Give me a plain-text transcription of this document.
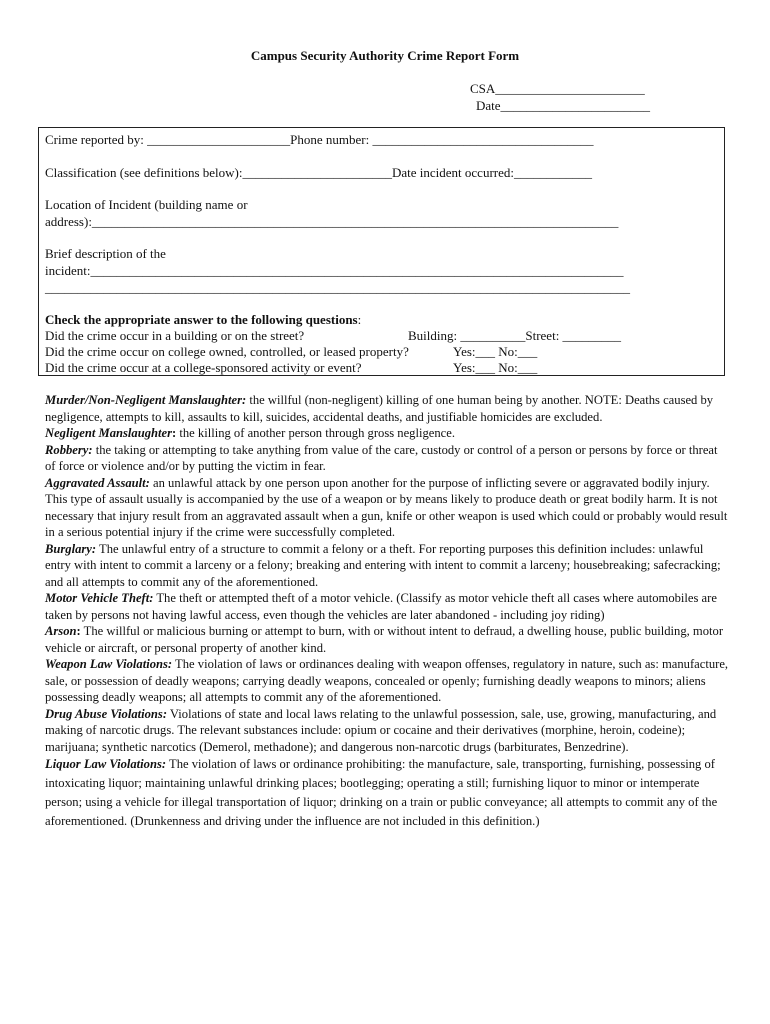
Campus Security Authority Crime Report Form
CSA_______________________
Date_______________________
Crime reported by: ______________________Phone number: __________________________________
Classification (see definitions below):_______________________Date incident occurred:____________
Location of Incident (building name or
address):_________________________________________________________________________________
Brief description of the
incident:__________________________________________________________________________________
__________________________________________________________________________________________
Check the appropriate answer to the following questions:
Did the crime occur in a building or on the street?	Building: __________Street: _________
Did the crime occur on college owned, controlled, or leased property?	Yes:___ No:___
Did the crime occur at a college-sponsored activity or event?	Yes:___ No:___

Murder/Non-Negligent Manslaughter: the willful (non-negligent) killing of one human being by another. NOTE: Deaths caused by negligence, attempts to kill, assaults to kill, suicides, accidental deaths, and justifiable homicides are excluded.

Negligent Manslaughter: the killing of another person through gross negligence.

Robbery: the taking or attempting to take anything from value of the care, custody or control of a person or persons by force or threat of force or violence and/or by putting the victim in fear.

Aggravated Assault: an unlawful attack by one person upon another for the purpose of inflicting severe or aggravated bodily injury. This type of assault usually is accompanied by the use of a weapon or by means likely to produce death or great bodily harm. It is not necessary that injury result from an aggravated assault when a gun, knife or other weapon is used which could or probably would result in a serious potential injury if the crime were successfully completed.

Burglary: The unlawful entry of a structure to commit a felony or a theft. For reporting purposes this definition includes: unlawful entry with intent to commit a larceny or a felony; breaking and entering with intent to commit a larceny; housebreaking; safecracking; and all attempts to commit any of the aforementioned.

Motor Vehicle Theft: The theft or attempted theft of a motor vehicle. (Classify as motor vehicle theft all cases where automobiles are taken by persons not having lawful access, even though the vehicles are later abandoned - including joy riding)

Arson: The willful or malicious burning or attempt to burn, with or without intent to defraud, a dwelling house, public building, motor vehicle or aircraft, or personal property of another kind.

Weapon Law Violations: The violation of laws or ordinances dealing with weapon offenses, regulatory in nature, such as: manufacture, sale, or possession of deadly weapons; carrying deadly weapons, concealed or openly; furnishing deadly weapons to minors; aliens possessing deadly weapons; all attempts to commit any of the aforementioned.

Drug Abuse Violations: Violations of state and local laws relating to the unlawful possession, sale, use, growing, manufacturing, and making of narcotic drugs. The relevant substances include: opium or cocaine and their derivatives (morphine, heroin, codeine); marijuana; synthetic narcotics (Demerol, methadone); and dangerous non-narcotic drugs (barbiturates, Benzedrine).

Liquor Law Violations: The violation of laws or ordinance prohibiting: the manufacture, sale, transporting, furnishing, possessing of intoxicating liquor; maintaining unlawful drinking places; bootlegging; operating a still; furnishing liquor to minor or intemperate person; using a vehicle for illegal transportation of liquor; drinking on a train or public conveyance; all attempts to commit any of the aforementioned. (Drunkenness and driving under the influence are not included in this definition.)
